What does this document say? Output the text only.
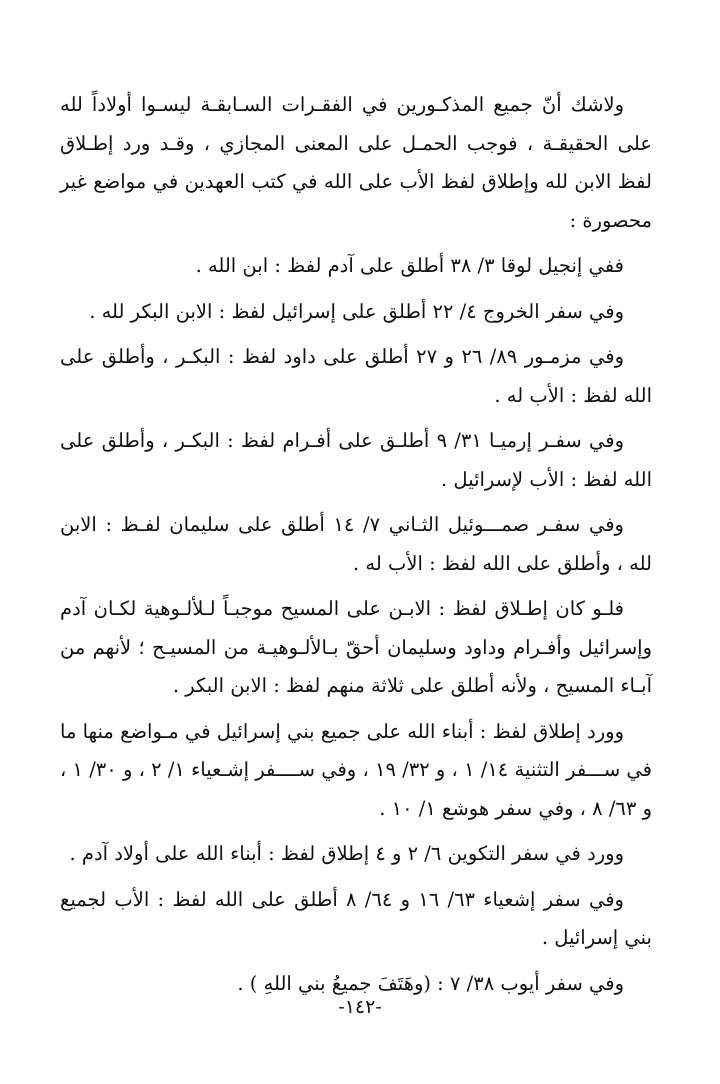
ولاشك أنّ جميع المذكـورين في الفقـرات السـابقـة ليسـوا أولاداً لله على الحقيقـة ، فوجب الحمـل على المعنى المجازي ، وقـد ورد إطـلاق لفظ الابن لله وإطلاق لفظ الأب على الله في كتب العهدين في مواضع غير محصورة :

ففي إنجيل لوقا ٣/ ٣٨ أطلق على آدم لفظ : ابن الله .

وفي سفر الخروج ٤/ ٢٢ أطلق على إسرائيل لفظ : الابن البكر لله .

وفي مزمـور ٨٩/ ٢٦ و ٢٧ أطلق على داود لفظ : البكـر ، وأطلق على الله لفظ : الأب له .

وفي سفـر إرميـا ٣١/ ٩ أطلـق على أفـرام لفظ : البكـر ، وأطلق على الله لفظ : الأب لإسرائيل .

وفي سفـر صمـــوئيل الثـاني ٧/ ١٤ أطلق على سليمان لفـظ : الابن لله ، وأطلق على الله لفظ : الأب له .

فلـو كان إطـلاق لفظ : الابـن على المسيح موجبـاً لـلألـوهية لكـان آدم وإسرائيل وأفـرام وداود وسليمان أحقّ بـالألـوهيـة من المسيـح ؛ لأنهم من آبـاء المسيح ، ولأنه أطلق على ثلاثة منهم لفظ : الابن البكر .

وورد إطلاق لفظ : أبناء الله على جميع بني إسرائيل في مـواضع منها ما في ســـفر التثنية ١٤/ ١ ، و ٣٢/ ١٩ ، وفي ســــفر إشـعياء ١/ ٢ ، و ٣٠/ ١ ، و ٦٣/ ٨ ، وفي سفر هوشع ١/ ١٠ .

وورد في سفر التكوين ٦/ ٢ و ٤ إطلاق لفظ : أبناء الله على أولاد آدم .

وفي سفر إشعياء ٦٣/ ١٦ و ٦٤/ ٨ أطلق على الله لفظ : الأب لجميع بني إسرائيل .

وفي سفر أيوب ٣٨/ ٧ : (وهَتَفَ جميعُ بني اللهِ ) .

-١٤٢-
